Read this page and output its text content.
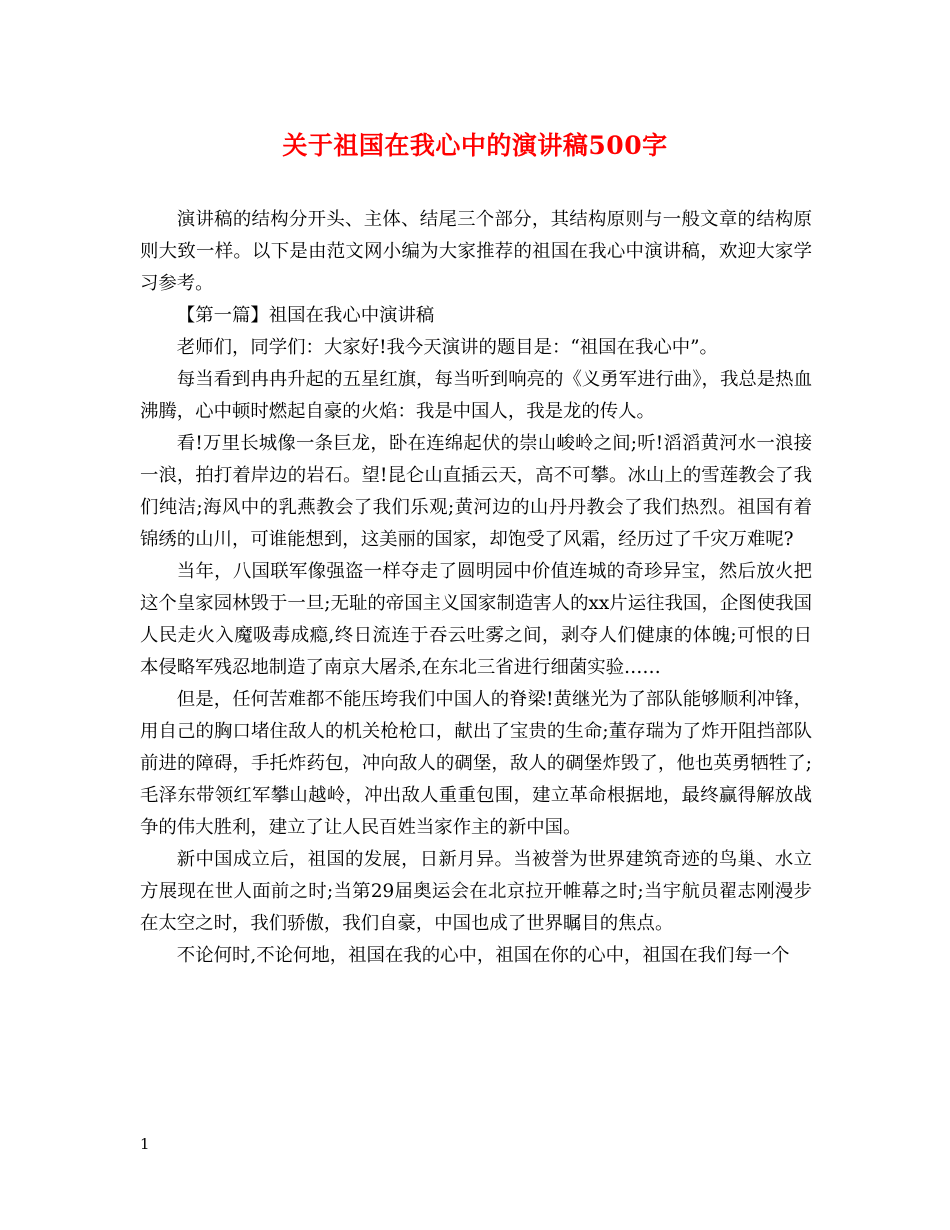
关于祖国在我心中的演讲稿500字

演讲稿的结构分开头、主体、结尾三个部分，其结构原则与一般文章的结构原则大致一样。以下是由范文网小编为大家推荐的祖国在我心中演讲稿，欢迎大家学习参考。

【第一篇】祖国在我心中演讲稿

老师们，同学们：大家好!我今天演讲的题目是：“祖国在我心中”。

每当看到冉冉升起的五星红旗，每当听到响亮的《义勇军进行曲》，我总是热血沸腾，心中顿时燃起自豪的火焰：我是中国人，我是龙的传人。

看!万里长城像一条巨龙，卧在连绵起伏的崇山峻岭之间;听!滔滔黄河水一浪接一浪，拍打着岸边的岩石。望!昆仑山直插云天，高不可攀。冰山上的雪莲教会了我们纯洁;海风中的乳燕教会了我们乐观;黄河边的山丹丹教会了我们热烈。祖国有着锦绣的山川，可谁能想到，这美丽的国家，却饱受了风霜，经历过了千灾万难呢?

当年，八国联军像强盗一样夺走了圆明园中价值连城的奇珍异宝，然后放火把这个皇家园林毁于一旦;无耻的帝国主义国家制造害人的xx片运往我国，企图使我国人民走火入魔吸毒成瘾,终日流连于吞云吐雾之间，剥夺人们健康的体魄;可恨的日本侵略军残忍地制造了南京大屠杀,在东北三省进行细菌实验……

但是，任何苦难都不能压垮我们中国人的脊梁!黄继光为了部队能够顺利冲锋，用自己的胸口堵住敌人的机关枪枪口，献出了宝贵的生命;董存瑞为了炸开阻挡部队前进的障碍，手托炸药包，冲向敌人的碉堡，敌人的碉堡炸毁了，他也英勇牺牲了;毛泽东带领红军攀山越岭，冲出敌人重重包围，建立革命根据地，最终赢得解放战争的伟大胜利，建立了让人民百姓当家作主的新中国。

新中国成立后，祖国的发展，日新月异。当被誉为世界建筑奇迹的鸟巢、水立方展现在世人面前之时;当第29届奥运会在北京拉开帷幕之时;当宇航员翟志刚漫步在太空之时，我们骄傲，我们自豪，中国也成了世界瞩目的焦点。

不论何时,不论何地，祖国在我的心中，祖国在你的心中，祖国在我们每一个

1
